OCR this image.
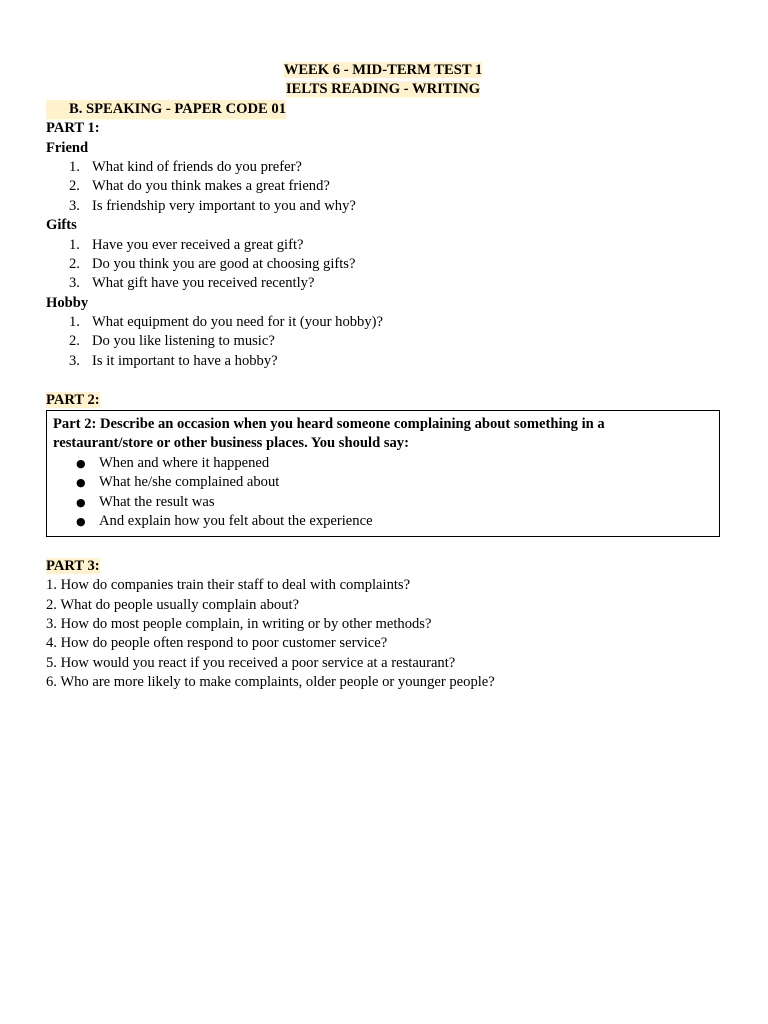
WEEK 6 - MID-TERM TEST 1
IELTS READING - WRITING
B. SPEAKING - PAPER CODE 01
PART 1:
Friend
1. What kind of friends do you prefer?
2. What do you think makes a great friend?
3. Is friendship very important to you and why?
Gifts
1. Have you ever received a great gift?
2. Do you think you are good at choosing gifts?
3. What gift have you received recently?
Hobby
1. What equipment do you need for it (your hobby)?
2. Do you like listening to music?
3. Is it important to have a hobby?
PART 2:
Part 2: Describe an occasion when you heard someone complaining about something in a
restaurant/store or other business places. You should say:
● When and where it happened
● What he/she complained about
● What the result was
● And explain how you felt about the experience
PART 3:
1. How do companies train their staff to deal with complaints?
2. What do people usually complain about?
3. How do most people complain, in writing or by other methods?
4. How do people often respond to poor customer service?
5. How would you react if you received a poor service at a restaurant?
6. Who are more likely to make complaints, older people or younger people?
